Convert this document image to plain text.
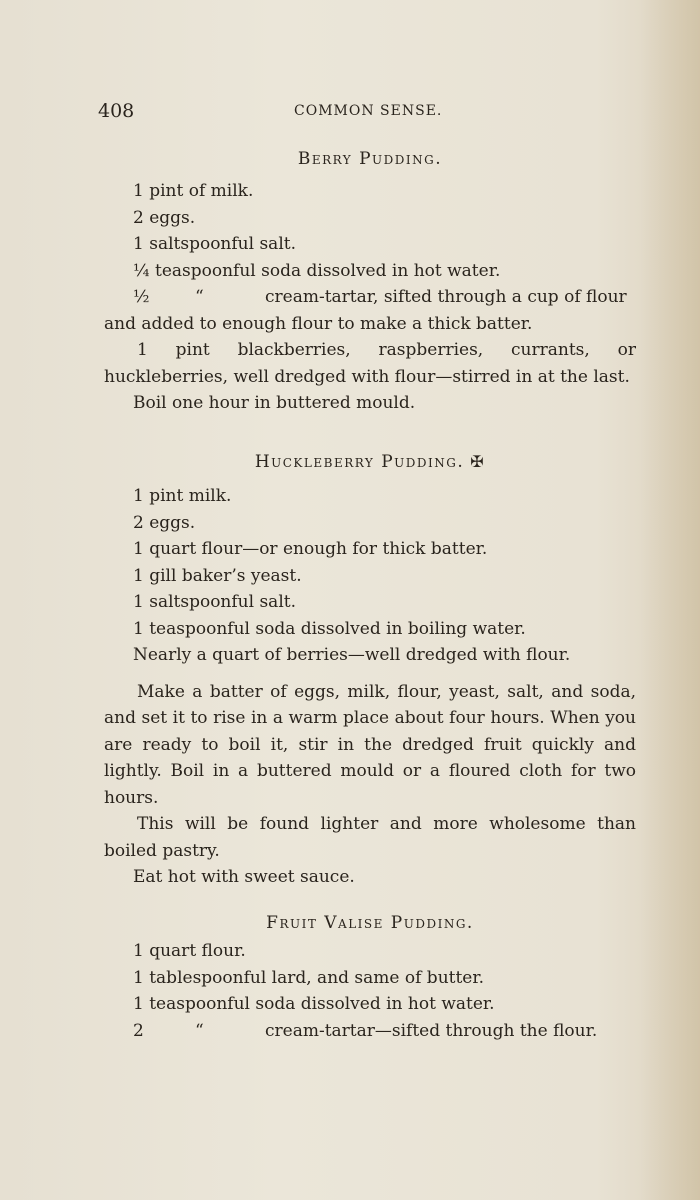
408	COMMON SENSE.
Berry Pudding.
1 pint of milk.
2 eggs.
1 saltspoonful salt.
¼ teaspoonful soda dissolved in hot water.
½	“	cream-tartar, sifted through a cup of flour
and added to enough flour to make a thick batter.
1 pint blackberries, raspberries, currants, or huckleberries, well dredged with flour—stirred in at the last.
Boil one hour in buttered mould.
Huckleberry Pudding. ✠
1 pint milk.
2 eggs.
1 quart flour—or enough for thick batter.
1 gill baker’s yeast.
1 saltspoonful salt.
1 teaspoonful soda dissolved in boiling water.
Nearly a quart of berries—well dredged with flour.
Make a batter of eggs, milk, flour, yeast, salt, and soda, and set it to rise in a warm place about four hours. When you are ready to boil it, stir in the dredged fruit quickly and lightly. Boil in a buttered mould or a floured cloth for two hours.
This will be found lighter and more wholesome than boiled pastry.
Eat hot with sweet sauce.
Fruit Valise Pudding.
1 quart flour.
1 tablespoonful lard, and same of butter.
1 teaspoonful soda dissolved in hot water.
2	“	cream-tartar—sifted through the flour.
